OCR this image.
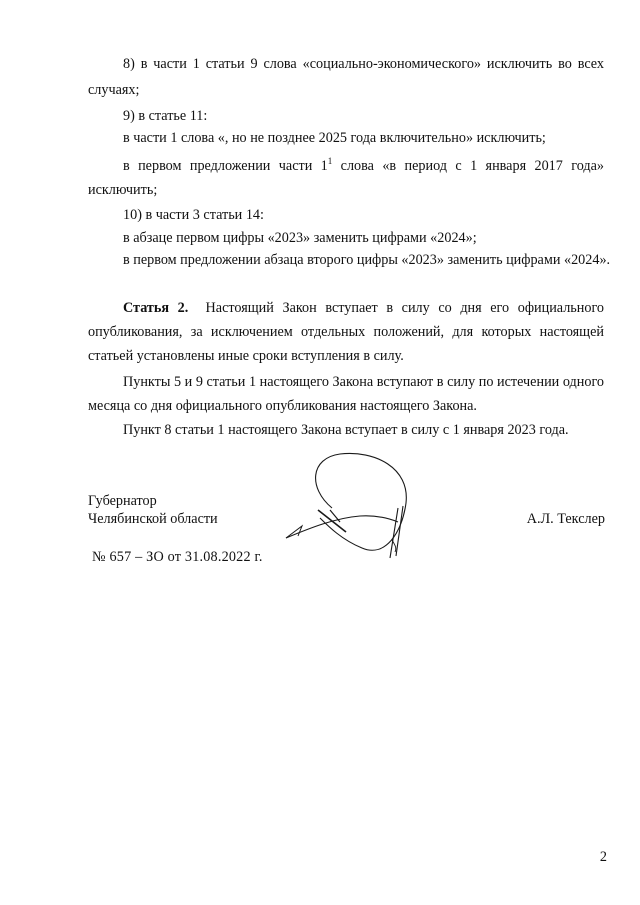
8) в части 1 статьи 9 слова «социально-экономического» исключить во всех
случаях;
9) в статье 11:
в части 1 слова «, но не позднее 2025 года включительно» исключить;
в первом предложении части $1^1$ слова «в период с 1 января 2017 года»
исключить;
10) в части 3 статьи 14:
в абзаце первом цифры «2023» заменить цифрами «2024»;
в первом предложении абзаца второго цифры «2023» заменить цифрами «2024».
Статья 2. Настоящий Закон вступает в силу со дня его официального
опубликования, за исключением отдельных положений, для которых настоящей
статьей установлены иные сроки вступления в силу.
Пункты 5 и 9 статьи 1 настоящего Закона вступают в силу по истечении одного
месяца со дня официального опубликования настоящего Закона.
Пункт 8 статьи 1 настоящего Закона вступает в силу с 1 января 2023 года.
Губернатор
Челябинской области	А.Л. Текслер
№ 657 – ЗО от 31.08.2022 г.
2
